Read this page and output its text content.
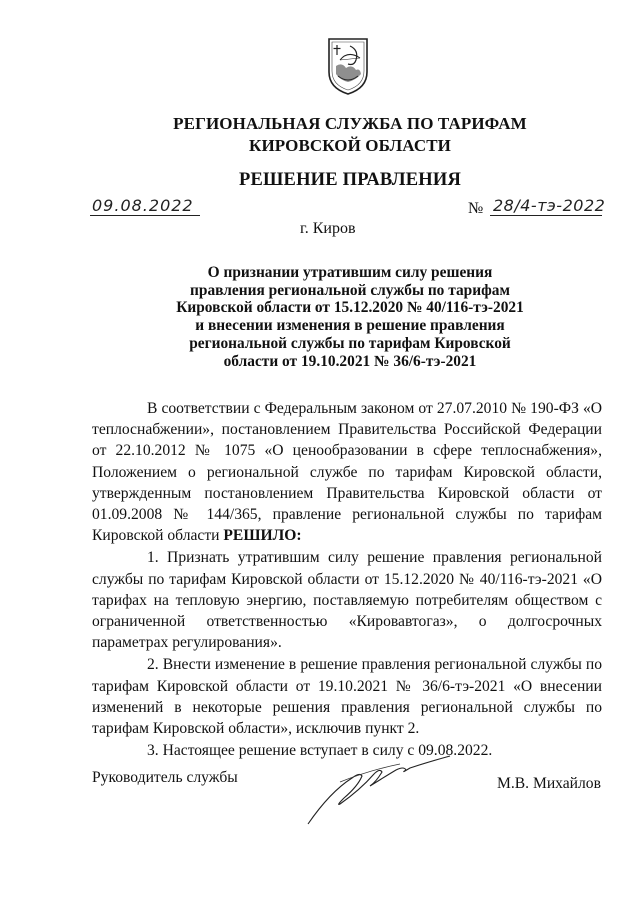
РЕГИОНАЛЬНАЯ СЛУЖБА ПО ТАРИФАМ
КИРОВСКОЙ ОБЛАСТИ
РЕШЕНИЕ ПРАВЛЕНИЯ
09.08.2022	№ 28/4-тэ-2022
г. Киров
О признании утратившим силу решения
правления региональной службы по тарифам
Кировской области от 15.12.2020 № 40/116-тэ-2021
и внесении изменения в решение правления
региональной службы по тарифам Кировской
области от 19.10.2021 № 36/6-тэ-2021

В соответствии с Федеральным законом от 27.07.2010 № 190-ФЗ «О теплоснабжении», постановлением Правительства Российской Федерации от 22.10.2012 № 1075 «О ценообразовании в сфере теплоснабжения», Положением о региональной службе по тарифам Кировской области, утвержденным постановлением Правительства Кировской области от 01.09.2008 № 144/365, правление региональной службы по тарифам Кировской области РЕШИЛО:

1. Признать утратившим силу решение правления региональной службы по тарифам Кировской области от 15.12.2020 № 40/116-тэ-2021 «О тарифах на тепловую энергию, поставляемую потребителям обществом с ограниченной ответственностью «Кировавтогаз», о долгосрочных параметрах регулирования».

2. Внести изменение в решение правления региональной службы по тарифам Кировской области от 19.10.2021 № 36/6-тэ-2021 «О внесении изменений в некоторые решения правления региональной службы по тарифам Кировской области», исключив пункт 2.

3. Настоящее решение вступает в силу с 09.08.2022.

Руководитель службы	М.В. Михайлов
